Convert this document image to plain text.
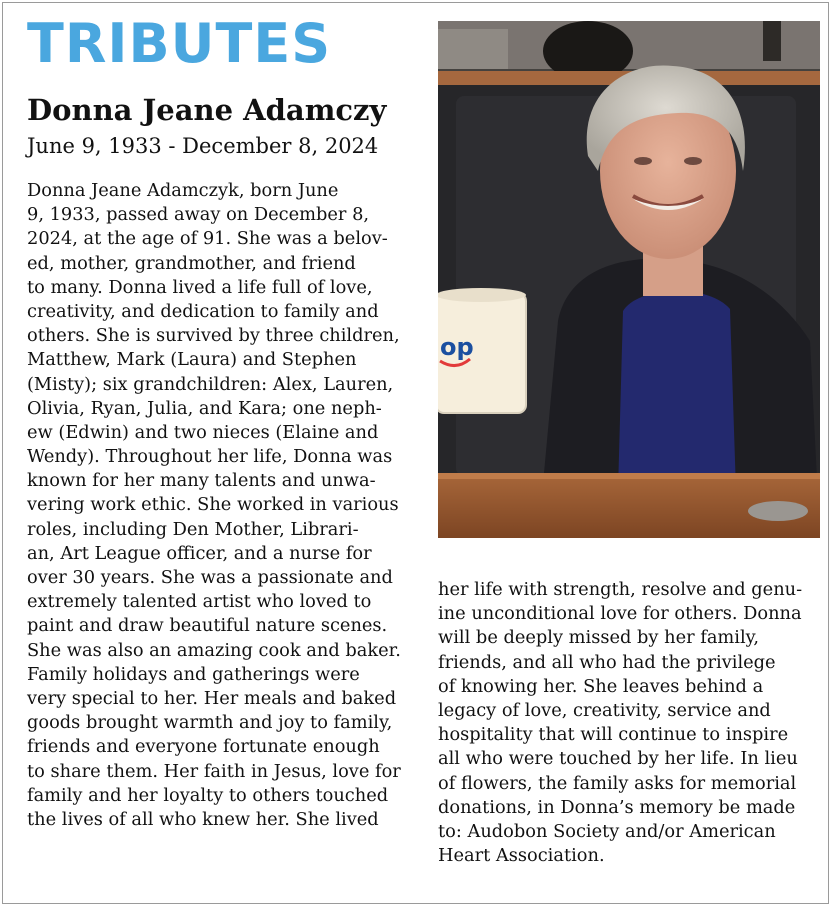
TRIBUTES
Donna Jeane Adamczy
June 9, 1933 - December 8, 2024
Donna Jeane Adamczyk, born June
9, 1933, passed away on December 8,
2024, at the age of 91. She was a belov-
ed, mother, grandmother, and friend
to many. Donna lived a life full of love,
creativity, and dedication to family and
others. She is survived by three children,
Matthew, Mark (Laura) and Stephen
(Misty); six grandchildren: Alex, Lauren,
Olivia, Ryan, Julia, and Kara; one neph-
ew (Edwin) and two nieces (Elaine and
Wendy). Throughout her life, Donna was
known for her many talents and unwa-
vering work ethic. She worked in various
roles, including Den Mother, Librari-
an, Art League officer, and a nurse for
over 30 years. She was a passionate and
extremely talented artist who loved to
paint and draw beautiful nature scenes.
She was also an amazing cook and baker.
Family holidays and gatherings were
very special to her. Her meals and baked
goods brought warmth and joy to family,
friends and everyone fortunate enough
to share them. Her faith in Jesus, love for
family and her loyalty to others touched
the lives of all who knew her. She lived
op
her life with strength, resolve and genu-
ine unconditional love for others. Donna
will be deeply missed by her family,
friends, and all who had the privilege
of knowing her. She leaves behind a
legacy of love, creativity, service and
hospitality that will continue to inspire
all who were touched by her life. In lieu
of flowers, the family asks for memorial
donations, in Donna’s memory be made
to: Audobon Society and/or American
Heart Association.
